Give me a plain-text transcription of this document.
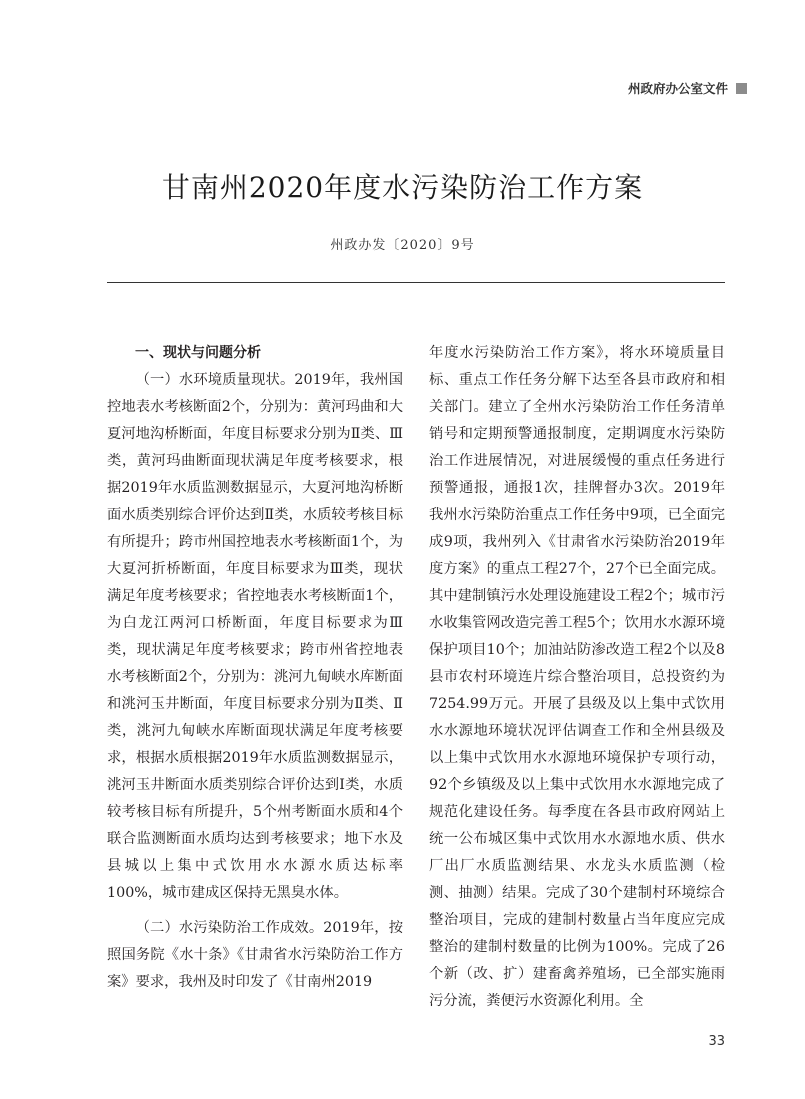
州政府办公室文件
甘南州2020年度水污染防治工作方案
州政办发〔2020〕9号

一、现状与问题分析

（一）水环境质量现状。2019年，我州国控地表水考核断面2个，分别为：黄河玛曲和大夏河地沟桥断面，年度目标要求分别为Ⅱ类、Ⅲ类，黄河玛曲断面现状满足年度考核要求，根据2019年水质监测数据显示，大夏河地沟桥断面水质类别综合评价达到Ⅱ类，水质较考核目标有所提升；跨市州国控地表水考核断面1个，为大夏河折桥断面，年度目标要求为Ⅲ类，现状满足年度考核要求；省控地表水考核断面1个，为白龙江两河口桥断面，年度目标要求为Ⅲ类，现状满足年度考核要求；跨市州省控地表水考核断面2个，分别为：洮河九甸峡水库断面和洮河玉井断面，年度目标要求分别为Ⅱ类、Ⅱ类，洮河九甸峡水库断面现状满足年度考核要求，根据水质根据2019年水质监测数据显示，洮河玉井断面水质类别综合评价达到Ⅰ类，水质较考核目标有所提升，5个州考断面水质和4个联合监测断面水质均达到考核要求；地下水及县城以上集中式饮用水水源水质达标率100%，城市建成区保持无黑臭水体。

（二）水污染防治工作成效。2019年，按照国务院《水十条》《甘肃省水污染防治工作方案》要求，我州及时印发了《甘南州2019

年度水污染防治工作方案》，将水环境质量目标、重点工作任务分解下达至各县市政府和相关部门。建立了全州水污染防治工作任务清单销号和定期预警通报制度，定期调度水污染防治工作进展情况，对进展缓慢的重点任务进行预警通报，通报1次，挂牌督办3次。2019年我州水污染防治重点工作任务中9项，已全面完成9项，我州列入《甘肃省水污染防治2019年度方案》的重点工程27个，27个已全面完成。其中建制镇污水处理设施建设工程2个；城市污水收集管网改造完善工程5个；饮用水水源环境保护项目10个；加油站防渗改造工程2个以及8县市农村环境连片综合整治项目，总投资约为7254.99万元。开展了县级及以上集中式饮用水水源地环境状况评估调查工作和全州县级及以上集中式饮用水水源地环境保护专项行动，92个乡镇级及以上集中式饮用水水源地完成了规范化建设任务。每季度在各县市政府网站上统一公布城区集中式饮用水水源地水质、供水厂出厂水质监测结果、水龙头水质监测（检测、抽测）结果。完成了30个建制村环境综合整治项目，完成的建制村数量占当年度应完成整治的建制村数量的比例为100%。完成了26个新（改、扩）建畜禽养殖场，已全部实施雨污分流，粪便污水资源化利用。全

33
